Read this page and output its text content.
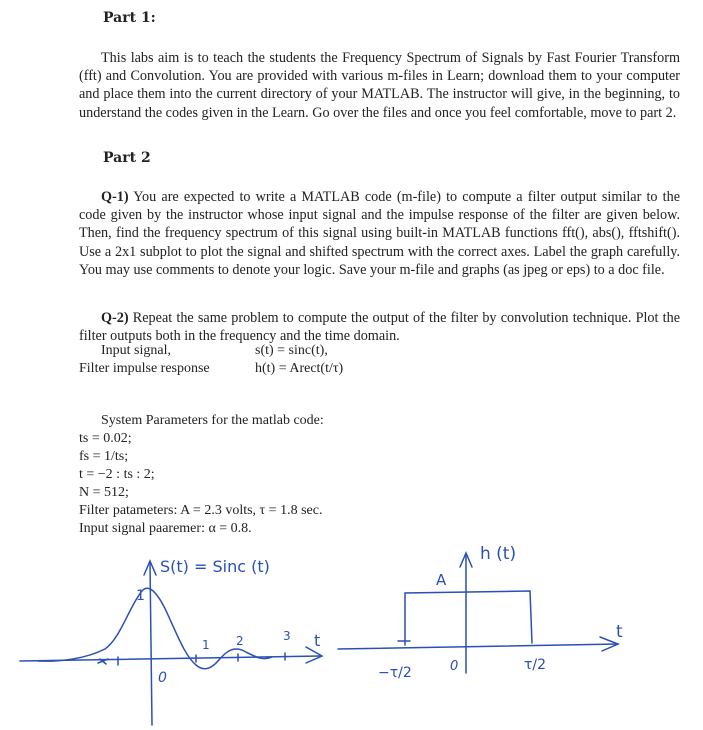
Part 1:

This labs aim is to teach the students the Frequency Spectrum of Signals by Fast Fourier Transform (fft) and Convolution. You are provided with various m-files in Learn; download them to your computer and place them into the current directory of your MATLAB. The instructor will give, in the beginning, to understand the codes given in the Learn. Go over the files and once you feel comfortable, move to part 2.

Part 2

Q-1) You are expected to write a MATLAB code (m-file) to compute a filter output similar to the code given by the instructor whose input signal and the impulse response of the filter are given below. Then, find the frequency spectrum of this signal using built-in MATLAB functions fft(), abs(), fftshift(). Use a 2x1 subplot to plot the signal and shifted spectrum with the correct axes. Label the graph carefully. You may use comments to denote your logic. Save your m-file and graphs (as jpeg or eps) to a doc file.

Q-2) Repeat the same problem to compute the output of the filter by convolution technique. Plot the filter outputs both in the frequency and the time domain.

Input signal,	s(t) = sinc(t),
Filter impulse response	h(t) = Arect(t/τ)
System Parameters for the matlab code:
ts = 0.02;
fs = 1/ts;
t = −2 : ts : 2;
N = 512;
Filter patameters: A = 2.3 volts, τ = 1.8 sec.
Input signal paaremer: α = 0.8.
S(t) = Sinc (t)
1
0
1 2	3 t
h (t)
A
−τ/2	0	τ/2
t
